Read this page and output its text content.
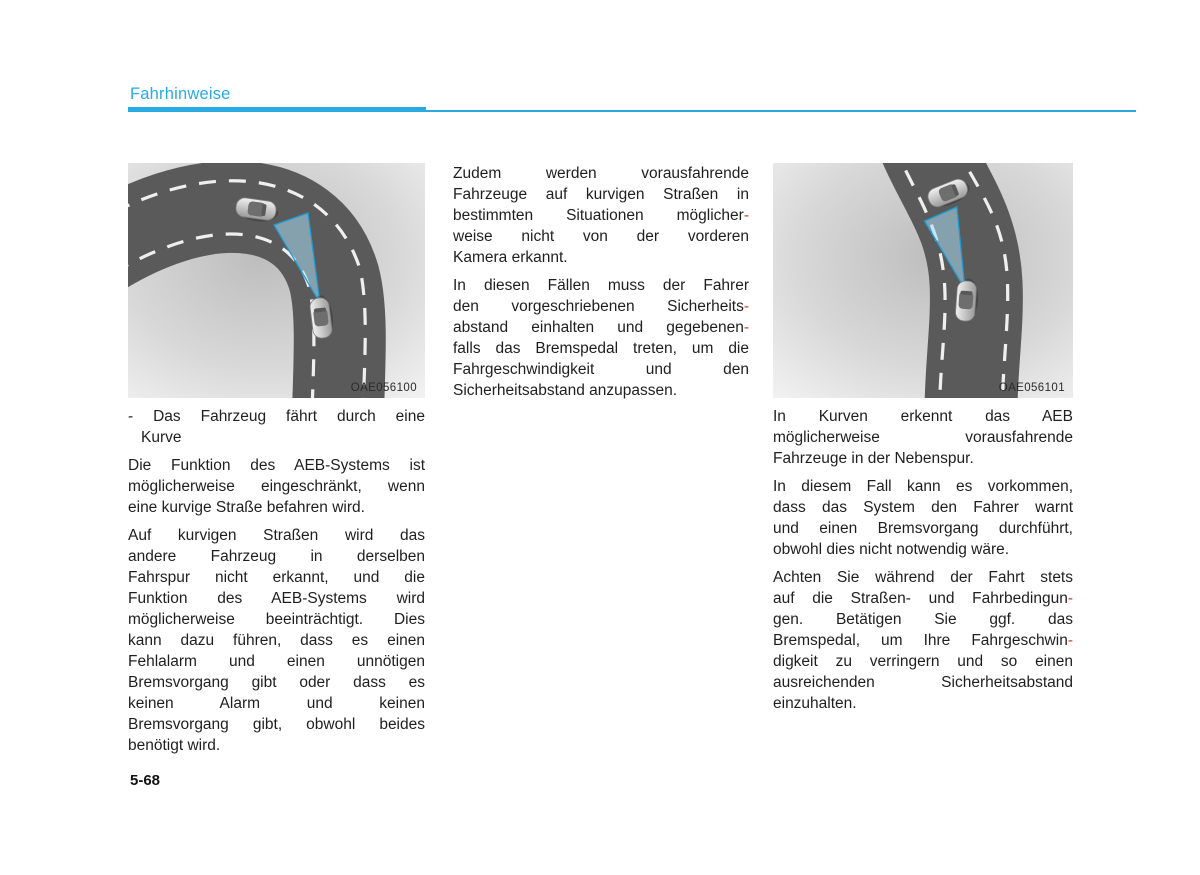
Fahrhinweise
OAE056100
- Das Fahrzeug fährt durch eine
Kurve
Die Funktion des AEB-Systems ist
möglicherweise eingeschränkt, wenn
eine kurvige Straße befahren wird.
Auf kurvigen Straßen wird das
andere Fahrzeug in derselben
Fahrspur nicht erkannt, und die
Funktion des AEB-Systems wird
möglicherweise beeinträchtigt. Dies
kann dazu führen, dass es einen
Fehlalarm und einen unnötigen
Bremsvorgang gibt oder dass es
keinen Alarm und keinen
Bremsvorgang gibt, obwohl beides
benötigt wird.
Zudem werden vorausfahrende
Fahrzeuge auf kurvigen Straßen in
bestimmten Situationen möglicher-
weise nicht von der vorderen
Kamera erkannt.
In diesen Fällen muss der Fahrer
den vorgeschriebenen Sicherheits-
abstand einhalten und gegebenen-
falls das Bremspedal treten, um die
Fahrgeschwindigkeit und den
Sicherheitsabstand anzupassen.	OAE056101
In Kurven erkennt das AEB
möglicherweise vorausfahrende
Fahrzeuge in der Nebenspur.
In diesem Fall kann es vorkommen,
dass das System den Fahrer warnt
und einen Bremsvorgang durchführt,
obwohl dies nicht notwendig wäre.
Achten Sie während der Fahrt stets
auf die Straßen- und Fahrbedingun-
gen. Betätigen Sie ggf. das
Bremspedal, um Ihre Fahrgeschwin-
digkeit zu verringern und so einen
ausreichenden Sicherheitsabstand
einzuhalten.
5-68
